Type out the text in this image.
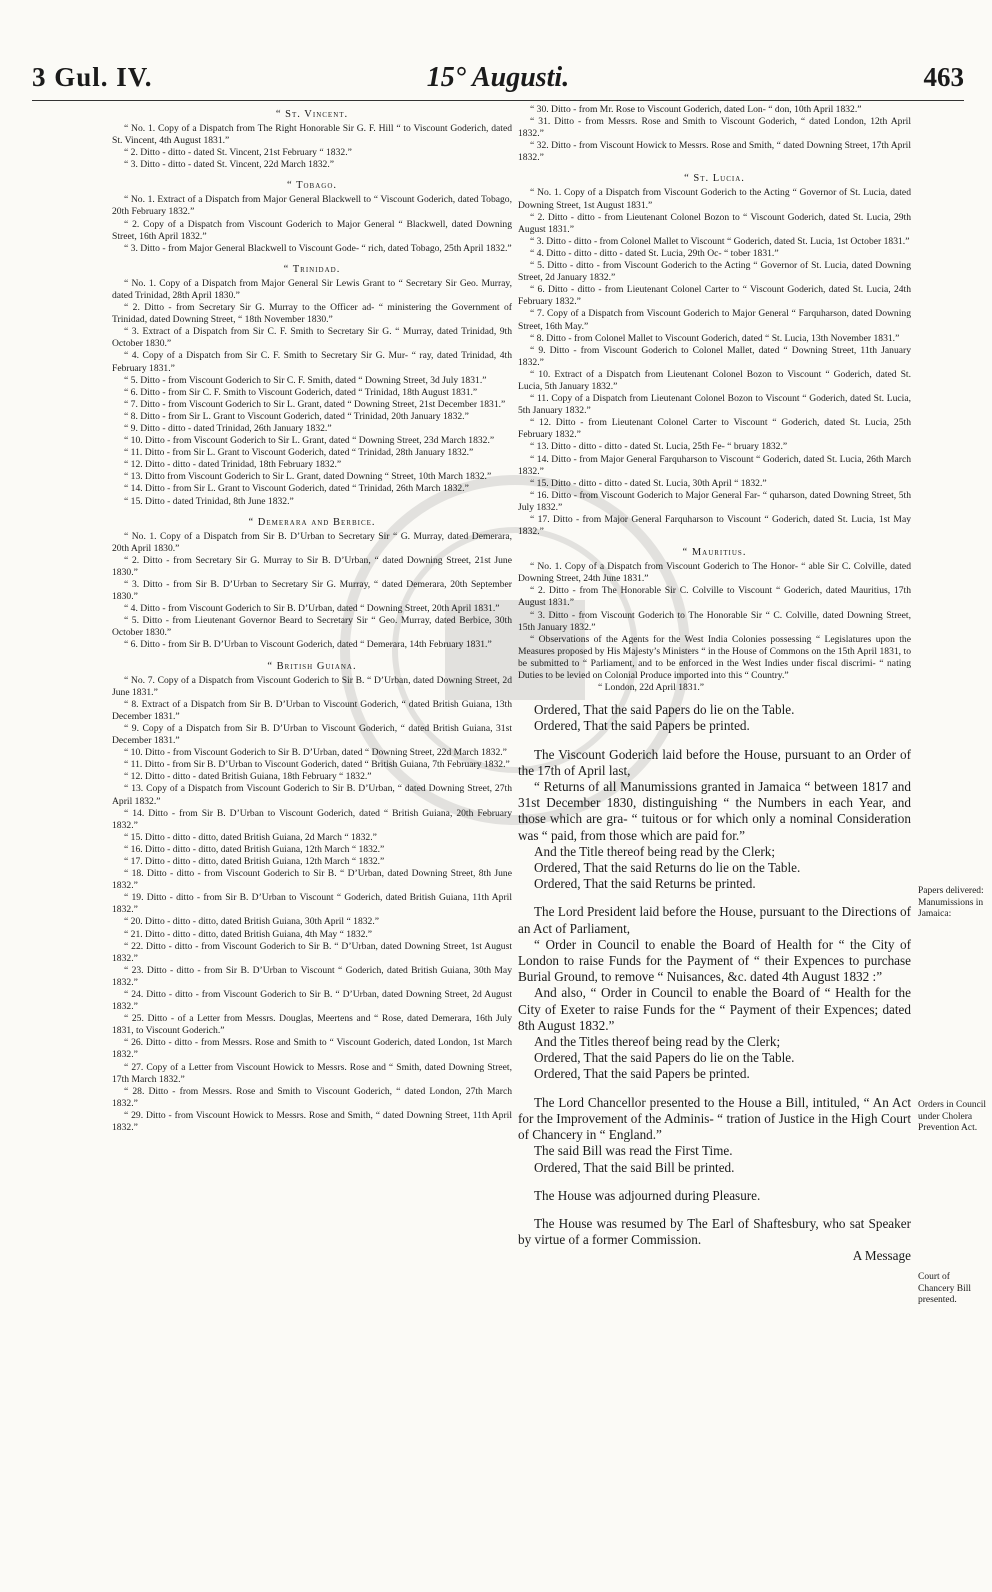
3 Gul. IV.	15° Augusti.	463
“ St. Vincent.

“ No. 1. Copy of a Dispatch from The Right Honorable Sir G. F. Hill “ to Viscount Goderich, dated St. Vincent, 4th August 1831.”

“ 2. Ditto - ditto - dated St. Vincent, 21st February “ 1832.”

“ 3. Ditto - ditto - dated St. Vincent, 22d March 1832.”

“ Tobago.

“ No. 1. Extract of a Dispatch from Major General Blackwell to “ Viscount Goderich, dated Tobago, 20th February 1832.”

“ 2. Copy of a Dispatch from Viscount Goderich to Major General “ Blackwell, dated Downing Street, 16th April 1832.”

“ 3. Ditto - from Major General Blackwell to Viscount Gode- “ rich, dated Tobago, 25th April 1832.”

“ Trinidad.

“ No. 1. Copy of a Dispatch from Major General Sir Lewis Grant to “ Secretary Sir Geo. Murray, dated Trinidad, 28th April 1830.”

“ 2. Ditto - from Secretary Sir G. Murray to the Officer ad- “ ministering the Government of Trinidad, dated Downing Street, “ 18th November 1830.”

“ 3. Extract of a Dispatch from Sir C. F. Smith to Secretary Sir G. “ Murray, dated Trinidad, 9th October 1830.”

“ 4. Copy of a Dispatch from Sir C. F. Smith to Secretary Sir G. Mur- “ ray, dated Trinidad, 4th February 1831.”

“ 5. Ditto - from Viscount Goderich to Sir C. F. Smith, dated “ Downing Street, 3d July 1831.”

“ 6. Ditto - from Sir C. F. Smith to Viscount Goderich, dated “ Trinidad, 18th August 1831.”

“ 7. Ditto - from Viscount Goderich to Sir L. Grant, dated “ Downing Street, 21st December 1831.”

“ 8. Ditto - from Sir L. Grant to Viscount Goderich, dated “ Trinidad, 20th January 1832.”

“ 9. Ditto - ditto - dated Trinidad, 26th January 1832.”

“ 10. Ditto - from Viscount Goderich to Sir L. Grant, dated “ Downing Street, 23d March 1832.”

“ 11. Ditto - from Sir L. Grant to Viscount Goderich, dated “ Trinidad, 28th January 1832.”

“ 12. Ditto - ditto - dated Trinidad, 18th February 1832.”

“ 13. Ditto from Viscount Goderich to Sir L. Grant, dated Downing “ Street, 10th March 1832.”

“ 14. Ditto - from Sir L. Grant to Viscount Goderich, dated “ Trinidad, 26th March 1832.”

“ 15. Ditto - dated Trinidad, 8th June 1832.”

“ Demerara and Berbice.

“ No. 1. Copy of a Dispatch from Sir B. D’Urban to Secretary Sir “ G. Murray, dated Demerara, 20th April 1830.”

“ 2. Ditto - from Secretary Sir G. Murray to Sir B. D’Urban, “ dated Downing Street, 21st June 1830.”

“ 3. Ditto - from Sir B. D’Urban to Secretary Sir G. Murray, “ dated Demerara, 20th September 1830.”

“ 4. Ditto - from Viscount Goderich to Sir B. D’Urban, dated “ Downing Street, 20th April 1831.”

“ 5. Ditto - from Lieutenant Governor Beard to Secretary Sir “ Geo. Murray, dated Berbice, 30th October 1830.”

“ 6. Ditto - from Sir B. D’Urban to Viscount Goderich, dated “ Demerara, 14th February 1831.”

“ British Guiana.

“ No. 7. Copy of a Dispatch from Viscount Goderich to Sir B. “ D’Urban, dated Downing Street, 2d June 1831.”

“ 8. Extract of a Dispatch from Sir B. D’Urban to Viscount Goderich, “ dated British Guiana, 13th December 1831.”

“ 9. Copy of a Dispatch from Sir B. D’Urban to Viscount Goderich, “ dated British Guiana, 31st December 1831.”

“ 10. Ditto - from Viscount Goderich to Sir B. D’Urban, dated “ Downing Street, 22d March 1832.”

“ 11. Ditto - from Sir B. D’Urban to Viscount Goderich, dated “ British Guiana, 7th February 1832.”

“ 12. Ditto - ditto - dated British Guiana, 18th February “ 1832.”

“ 13. Copy of a Dispatch from Viscount Goderich to Sir B. D’Urban, “ dated Downing Street, 27th April 1832.”

“ 14. Ditto - from Sir B. D’Urban to Viscount Goderich, dated “ British Guiana, 20th February 1832.”

“ 15. Ditto - ditto - ditto, dated British Guiana, 2d March “ 1832.”

“ 16. Ditto - ditto - ditto, dated British Guiana, 12th March “ 1832.”

“ 17. Ditto - ditto - ditto, dated British Guiana, 12th March “ 1832.”

“ 18. Ditto - ditto - from Viscount Goderich to Sir B. “ D’Urban, dated Downing Street, 8th June 1832.”

“ 19. Ditto - ditto - from Sir B. D’Urban to Viscount “ Goderich, dated British Guiana, 11th April 1832.”

“ 20. Ditto - ditto - ditto, dated British Guiana, 30th April “ 1832.”

“ 21. Ditto - ditto - ditto, dated British Guiana, 4th May “ 1832.”

“ 22. Ditto - ditto - from Viscount Goderich to Sir B. “ D’Urban, dated Downing Street, 1st August 1832.”

“ 23. Ditto - ditto - from Sir B. D’Urban to Viscount “ Goderich, dated British Guiana, 30th May 1832.”

“ 24. Ditto - ditto - from Viscount Goderich to Sir B. “ D’Urban, dated Downing Street, 2d August 1832.”

“ 25. Ditto - of a Letter from Messrs. Douglas, Meertens and “ Rose, dated Demerara, 16th July 1831, to Viscount Goderich.”

“ 26. Ditto - ditto - from Messrs. Rose and Smith to “ Viscount Goderich, dated London, 1st March 1832.”

“ 27. Copy of a Letter from Viscount Howick to Messrs. Rose and “ Smith, dated Downing Street, 17th March 1832.”

“ 28. Ditto - from Messrs. Rose and Smith to Viscount Goderich, “ dated London, 27th March 1832.”

“ 29. Ditto - from Viscount Howick to Messrs. Rose and Smith, “ dated Downing Street, 11th April 1832.”

“ 30. Ditto - from Mr. Rose to Viscount Goderich, dated Lon- “ don, 10th April 1832.”

“ 31. Ditto - from Messrs. Rose and Smith to Viscount Goderich, “ dated London, 12th April 1832.”

“ 32. Ditto - from Viscount Howick to Messrs. Rose and Smith, “ dated Downing Street, 17th April 1832.”

“ St. Lucia.

“ No. 1. Copy of a Dispatch from Viscount Goderich to the Acting “ Governor of St. Lucia, dated Downing Street, 1st August 1831.”

“ 2. Ditto - ditto - from Lieutenant Colonel Bozon to “ Viscount Goderich, dated St. Lucia, 29th August 1831.”

“ 3. Ditto - ditto - from Colonel Mallet to Viscount “ Goderich, dated St. Lucia, 1st October 1831.”

“ 4. Ditto - ditto - ditto - dated St. Lucia, 29th Oc- “ tober 1831.”

“ 5. Ditto - ditto - from Viscount Goderich to the Acting “ Governor of St. Lucia, dated Downing Street, 2d January 1832.”

“ 6. Ditto - ditto - from Lieutenant Colonel Carter to “ Viscount Goderich, dated St. Lucia, 24th February 1832.”

“ 7. Copy of a Dispatch from Viscount Goderich to Major General “ Farquharson, dated Downing Street, 16th May.”

“ 8. Ditto - from Colonel Mallet to Viscount Goderich, dated “ St. Lucia, 13th November 1831.”

“ 9. Ditto - from Viscount Goderich to Colonel Mallet, dated “ Downing Street, 11th January 1832.”

“ 10. Extract of a Dispatch from Lieutenant Colonel Bozon to Viscount “ Goderich, dated St. Lucia, 5th January 1832.”

“ 11. Copy of a Dispatch from Lieutenant Colonel Bozon to Viscount “ Goderich, dated St. Lucia, 5th January 1832.”

“ 12. Ditto - from Lieutenant Colonel Carter to Viscount “ Goderich, dated St. Lucia, 25th February 1832.”

“ 13. Ditto - ditto - ditto - dated St. Lucia, 25th Fe- “ bruary 1832.”

“ 14. Ditto - from Major General Farquharson to Viscount “ Goderich, dated St. Lucia, 26th March 1832.”

“ 15. Ditto - ditto - ditto - dated St. Lucia, 30th April “ 1832.”

“ 16. Ditto - from Viscount Goderich to Major General Far- “ quharson, dated Downing Street, 5th July 1832.”

“ 17. Ditto - from Major General Farquharson to Viscount “ Goderich, dated St. Lucia, 1st May 1832.”

“ Mauritius.

“ No. 1. Copy of a Dispatch from Viscount Goderich to The Honor- “ able Sir C. Colville, dated Downing Street, 24th June 1831.”

“ 2. Ditto - from The Honorable Sir C. Colville to Viscount “ Goderich, dated Mauritius, 17th August 1831.”

“ 3. Ditto - from Viscount Goderich to The Honorable Sir “ C. Colville, dated Downing Street, 15th January 1832.”

“ Observations of the Agents for the West India Colonies possessing “ Legislatures upon the Measures proposed by His Majesty’s Ministers “ in the House of Commons on the 15th April 1831, to be submitted to “ Parliament, and to be enforced in the West Indies under fiscal discrimi- “ nating Duties to be levied on Colonial Produce imported into this “ Country.”

“ London, 22d April 1831.”

Ordered, That the said Papers do lie on the Table.

Ordered, That the said Papers be printed.

The Viscount Goderich laid before the House, pursuant to an Order of the 17th of April last,

“ Returns of all Manumissions granted in Jamaica “ between 1817 and 31st December 1830, distinguishing “ the Numbers in each Year, and those which are gra- “ tuitous or for which only a nominal Consideration was “ paid, from those which are paid for.”

And the Title thereof being read by the Clerk;

Ordered, That the said Returns do lie on the Table.

Ordered, That the said Returns be printed.

The Lord President laid before the House, pursuant to the Directions of an Act of Parliament,

“ Order in Council to enable the Board of Health for “ the City of London to raise Funds for the Payment of “ their Expences to purchase Burial Ground, to remove “ Nuisances, &c. dated 4th August 1832 :”

And also, “ Order in Council to enable the Board of “ Health for the City of Exeter to raise Funds for the “ Payment of their Expences; dated 8th August 1832.”

And the Titles thereof being read by the Clerk;

Ordered, That the said Papers do lie on the Table.

Ordered, That the said Papers be printed.

The Lord Chancellor presented to the House a Bill, intituled, “ An Act for the Improvement of the Adminis- “ tration of Justice in the High Court of Chancery in “ England.”

The said Bill was read the First Time.

Ordered, That the said Bill be printed.

The House was adjourned during Pleasure.

The House was resumed by The Earl of Shaftesbury, who sat Speaker by virtue of a former Commission.

A Message

Papers delivered: Manumissions in Jamaica:
Orders in Council under Cholera Prevention Act.
Court of Chancery Bill presented.
